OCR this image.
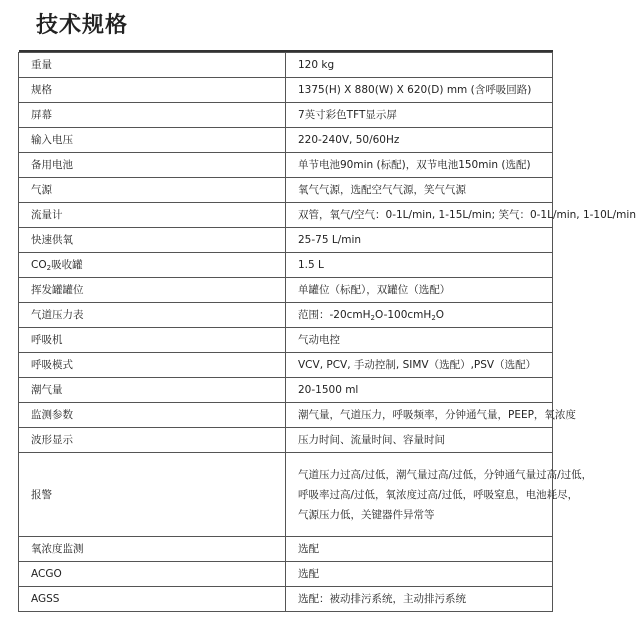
技术规格

重量	120 kg
规格	1375(H) X 880(W) X 620(D) mm (含呼吸回路)
屏幕	7英寸彩色TFT显示屏
输入电压	220-240V, 50/60Hz
备用电池	单节电池90min (标配)，双节电池150min (选配)
气源	氧气气源，选配空气气源，笑气气源
流量计	双管，氧气/空气：0-1L/min, 1-15L/min; 笑气：0-1L/min, 1-10L/min
快速供氧	25-75 L/min
$CO_2$吸收罐	1.5 L
挥发罐罐位	单罐位（标配），双罐位（选配）
气道压力表	范围：-20cmH$_2$O-100cmH$_2$O
呼吸机	气动电控
呼吸模式	VCV, PCV, 手动控制, SIMV（选配）,PSV（选配）
潮气量	20-1500 ml
监测参数	潮气量，气道压力，呼吸频率，分钟通气量，PEEP，氧浓度
波形显示	压力时间、流量时间、容量时间
报警	气道压力过高/过低，潮气量过高/过低，分钟通气量过高/过低，
呼吸率过高/过低，氧浓度过高/过低，呼吸窒息，电池耗尽，
气源压力低，关键器件异常等

氧浓度监测	选配
ACGO	选配
AGSS	选配：被动排污系统，主动排污系统
